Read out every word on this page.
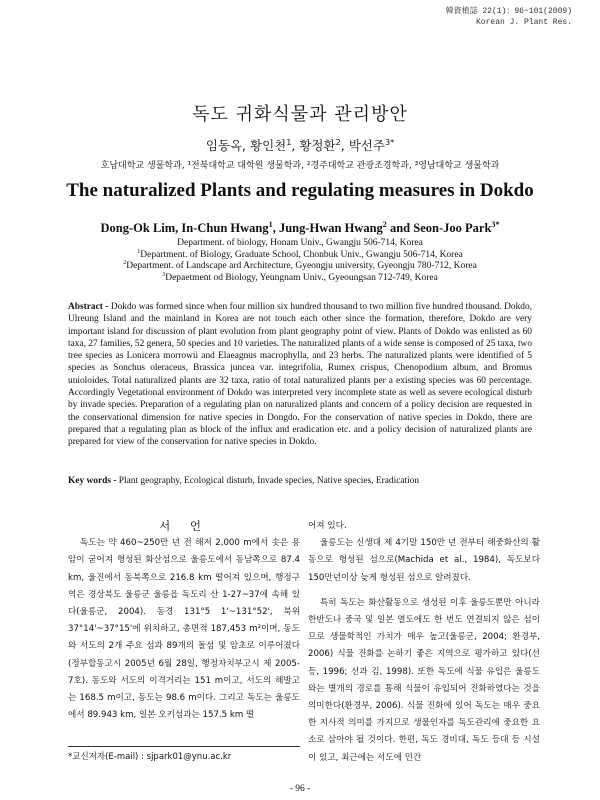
韓資植誌 22(1)：96~101(2009)
Korean J. Plant Res.
독도 귀화식물과 관리방안
임동옥, 황인천$^1$, 황정환$^2$, 박선주$^{3*}$
호남대학교 생물학과, ¹전북대학교 대학원 생물학과, ²경주대학교 관광조경학과, ³영남대학교 생물학과
The naturalized Plants and regulating measures in Dokdo
Dong-Ok Lim, In-Chun Hwang$^1$, Jung-Hwan Hwang$^2$ and Seon-Joo Park$^{3*}$
Department. of biology, Honam Univ., Gwangju 506-714, Korea
$^1$Department. of Biology, Graduate School, Chonbuk Univ., Gwangju 506-714, Korea
$^2$Department. of Landscape ard Architecture, Gyeongju university, Gyeongju 780-712, Korea
$^3$Depaetment od Biology, Yeungnam Univ., Gyeoungsan 712-749, Korea
Abstract - Dokdo was formed since when four million six hundred thousand to two million five hundred thousand. Dokdo, Ulreung Island and the mainland in Korea are not touch each other since the formation, therefore, Dokdo are very important island for discussion of plant evolution from plant geography point of view. Plants of Dokdo was enlisted as 60 taxa, 27 families, 52 genera, 50 species and 10 varieties. The naturalized plants of a wide sense is composed of 25 taxa, two tree species as Lonicera morrowii and Elaeagnus macrophylla, and 23 herbs. The naturalized plants were identified of 5 species as Sonchus oleraceus, Brassica juncea var. integrifolia, Rumex crispus, Chenopodium album, and Bromus unioloides. Total naturalized plants are 32 taxa, ratio of total naturalized plants per a existing species was 60 percentage. Accordingly Vegetational environment of Dokdo was interpreted very incomplete state as well as severe ecological disturb by invade species. Preparation of a regulating plan on naturalized plants and concern of a policy decision are requested in the conservational dimension for native species in Dongdo. For the conservation of native species in Dokdo, there are prepared that a regulating plan as block of the influx and eradication etc. and a policy decision of naturalized plants are prepared for view of the conservation for native species in Dokdo.
Key words - Plant geography, Ecological disturb, Invade species, Native species, Eradication

서 언

독도는 약 460~250만 년 전 해저 2,000 m에서 솟은 용암이 굳어져 형성된 화산섬으로 울릉도에서 동남쪽으로 87.4 km, 울진에서 동북쪽으로 216.8 km 떨어져 있으며, 행정구역은 경상북도 울릉군 울릉읍 독도리 산 1-27~37에 속해 있다(울릉군, 2004). 동경 131°5 1'~131°52', 북위 37°14'~37°15'에 위치하고, 총면적 187,453 m²이며, 동도와 서도의 2개 주요 섬과 89개의 돌섬 및 암초로 이루어졌다(정부합동고시 2005년 6월 28일, 행정자치부고시 제 2005-7호). 동도와 서도의 이격거리는 151 m이고, 서도의 해발고는 168.5 m이고, 동도는 98.6 m이다. 그리고 독도는 울릉도에서 89.943 km, 일본 오키섬과는 157.5 km 떨

어져 있다.

울릉도는 신생대 제 4기말 150만 년 전부터 해중화산의 활동으로 형성된 섬으로(Machida et al., 1984), 독도보다 150만년이상 늦게 형성된 섬으로 알려졌다.

특히 독도는 화산활동으로 생성된 이후 울릉도뿐만 아니라 한반도나 중국 및 일본 열도에도 한 번도 연결되지 않은 섬이므로 생물학적인 가치가 매우 높고(울릉군, 2004; 환경부, 2006) 식물 진화를 논하기 좋은 지역으로 평가하고 있다(선 등, 1996; 선과 김, 1998). 또한 독도에 식물 유입은 울릉도와는 별개의 경로를 통해 식물이 유입되어 진화하였다는 것을 의미한다(환경부, 2006). 식물 진화에 있어 독도는 매우 중요한 지사적 의미를 가지므로 생물인자를 독도관리에 중요한 요소로 삼아야 될 것이다. 한편, 독도 경비대, 독도 등대 등 시설이 있고, 최근에는 서도에 민간

*교신저자(E-mail) : sjpark01@ynu.ac.kr
- 96 -
